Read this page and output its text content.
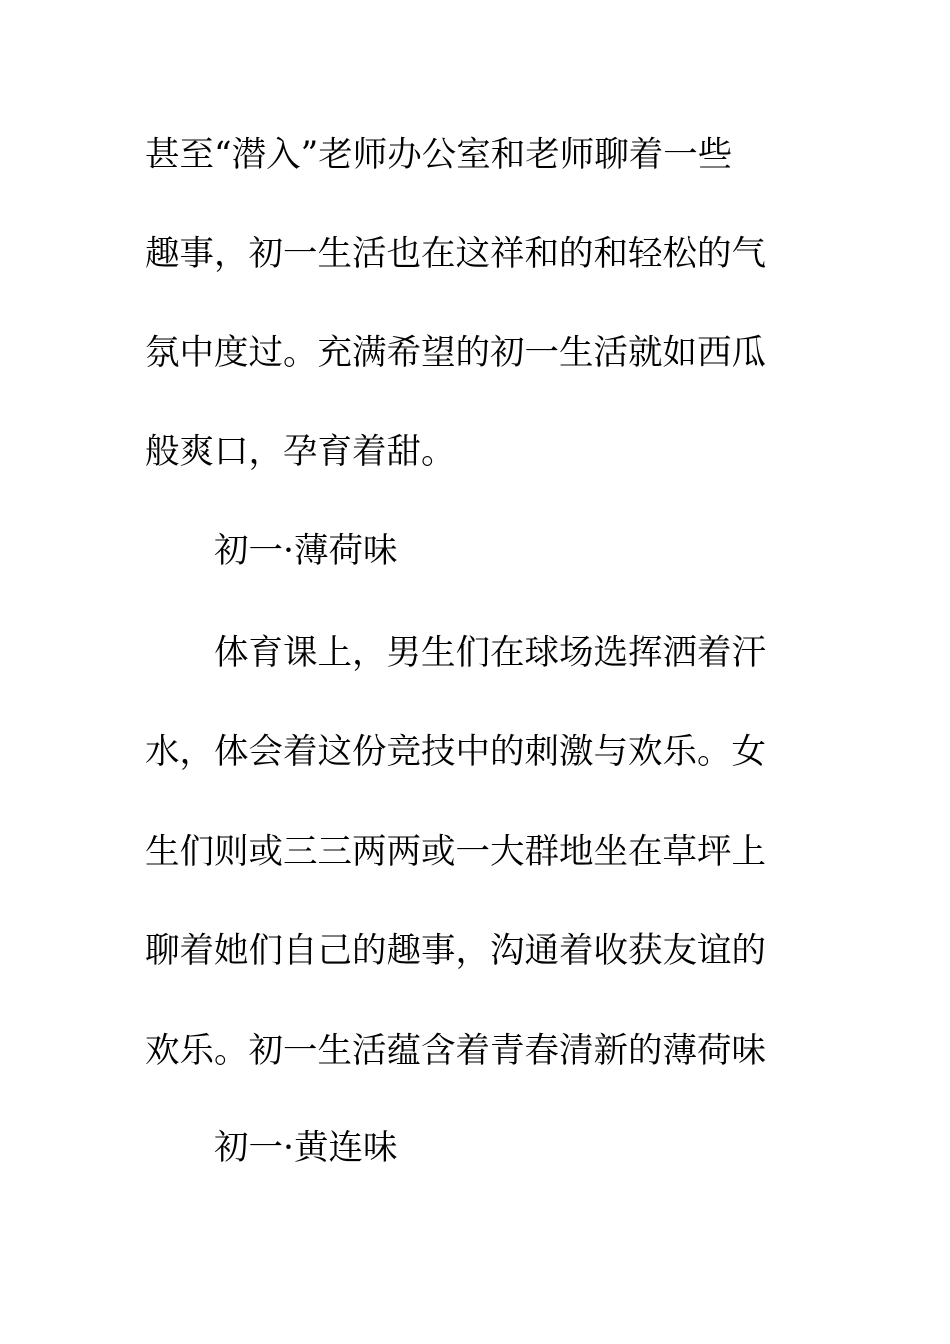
甚至“潜入”老师办公室和老师聊着一些
趣事，初一生活也在这祥和的和轻松的气
氛中度过。充满希望的初一生活就如西瓜
般爽口，孕育着甜。
初一·薄荷味
体育课上，男生们在球场选挥洒着汗
水，体会着这份竞技中的刺激与欢乐。女
生们则或三三两两或一大群地坐在草坪上
聊着她们自己的趣事，沟通着收获友谊的
欢乐。初一生活蕴含着青春清新的薄荷味
初一·黄连味
